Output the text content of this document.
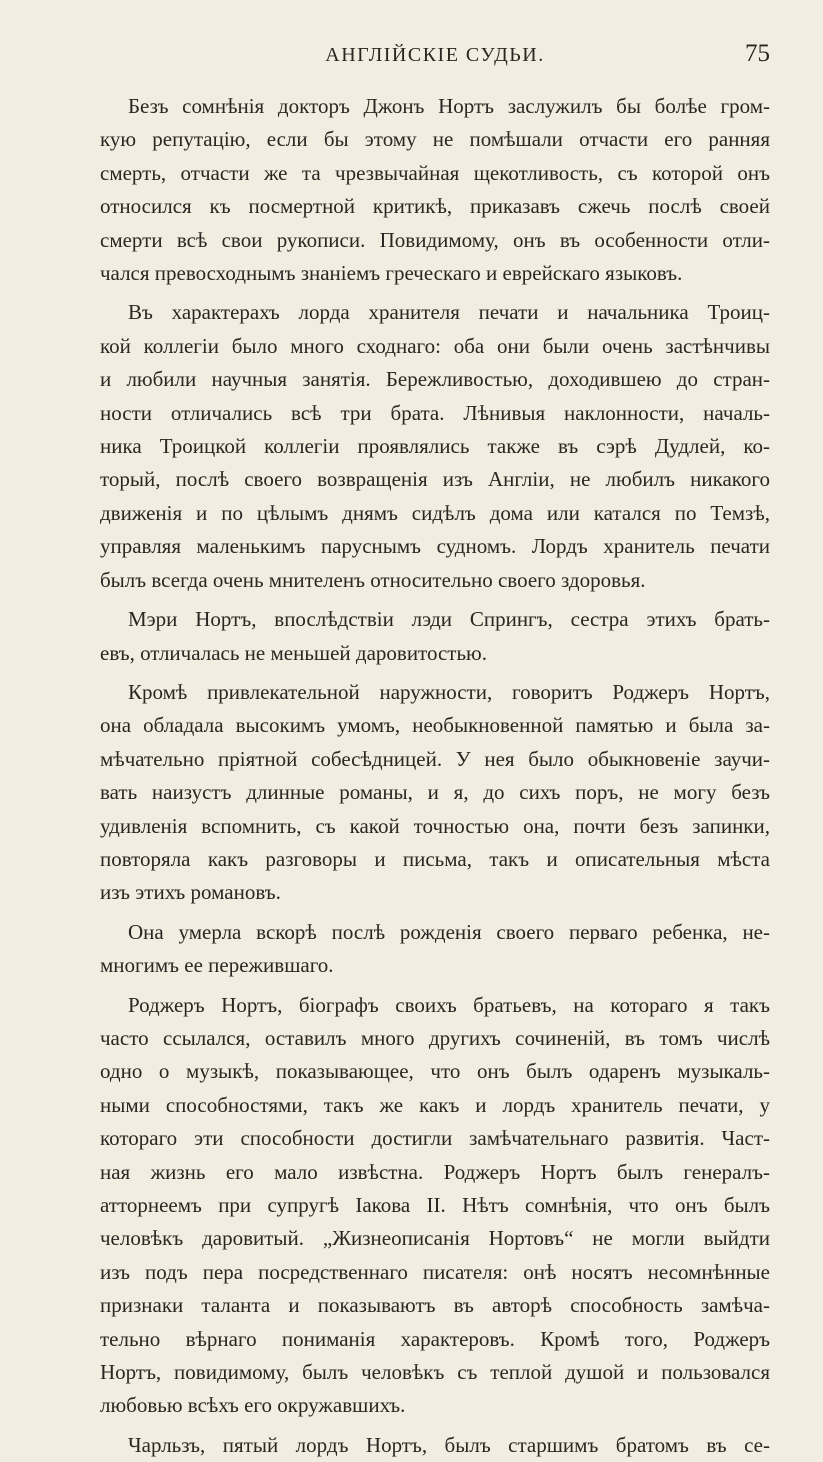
АНГЛІЙСКІЕ СУДЬИ.	75

Безъ сомнѣнія докторъ Джонъ Нортъ заслужилъ бы болѣе гром-
кую репутацію, если бы этому не помѣшали отчасти его ранняя
смерть, отчасти же та чрезвычайная щекотливость, съ которой онъ
относился къ посмертной критикѣ, приказавъ сжечь послѣ своей
смерти всѣ свои рукописи. Повидимому, онъ въ особенности отли-
чался превосходнымъ знаніемъ греческаго и еврейскаго языковъ.

Въ характерахъ лорда хранителя печати и начальника Троиц-
кой коллегіи было много сходнаго: оба они были очень застѣнчивы
и любили научныя занятія. Бережливостью, доходившею до стран-
ности отличались всѣ три брата. Лѣнивыя наклонности, началь-
ника Троицкой коллегіи проявлялись также въ сэрѣ Дудлей, ко-
торый, послѣ своего возвращенія изъ Англіи, не любилъ никакого
движенія и по цѣлымъ днямъ сидѣлъ дома или катался по Темзѣ,
управляя маленькимъ паруснымъ судномъ. Лордъ хранитель печати
былъ всегда очень мнителенъ относительно своего здоровья.

Мэри Нортъ, впослѣдствіи лэди Спрингъ, сестра этихъ брать-
евъ, отличалась не меньшей даровитостью.

Кромѣ привлекательной наружности, говоритъ Роджеръ Нортъ,
она обладала высокимъ умомъ, необыкновенной памятью и была за-
мѣчательно пріятной собесѣдницей. У нея было обыкновеніе заучи-
вать наизустъ длинные романы, и я, до сихъ поръ, не могу безъ
удивленія вспомнить, съ какой точностью она, почти безъ запинки,
повторяла какъ разговоры и письма, такъ и описательныя мѣста
изъ этихъ романовъ.

Она умерла вскорѣ послѣ рожденія своего перваго ребенка, не-
многимъ ее пережившаго.

Роджеръ Нортъ, біографъ своихъ братьевъ, на котораго я такъ
часто ссылался, оставилъ много другихъ сочиненій, въ томъ числѣ
одно о музыкѣ, показывающее, что онъ былъ одаренъ музыкаль-
ными способностями, такъ же какъ и лордъ хранитель печати, у
котораго эти способности достигли замѣчательнаго развитія. Част-
ная жизнь его мало извѣстна. Роджеръ Нортъ былъ генералъ-
атторнеемъ при супругѣ Іакова II. Нѣтъ сомнѣнія, что онъ былъ
человѣкъ даровитый. „Жизнеописанія Нортовъ“ не могли выйдти
изъ подъ пера посредственнаго писателя: онѣ носятъ несомнѣнные
признаки таланта и показываютъ въ авторѣ способность замѣча-
тельно вѣрнаго пониманія характеровъ. Кромѣ того, Роджеръ
Нортъ, повидимому, былъ человѣкъ съ теплой душой и пользовался
любовью всѣхъ его окружавшихъ.

Чарльзъ, пятый лордъ Нортъ, былъ старшимъ братомъ въ се-
